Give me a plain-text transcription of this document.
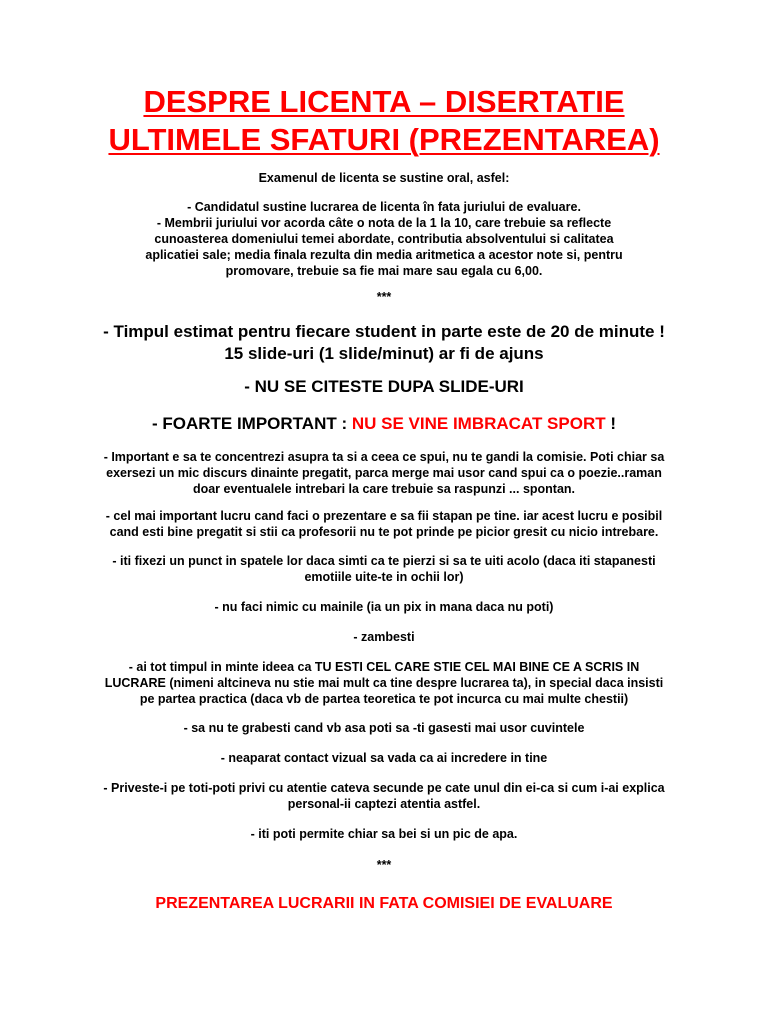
DESPRE LICENTA – DISERTATIE
ULTIMELE SFATURI (PREZENTAREA)

Examenul de licenta se sustine oral, asfel:

- Candidatul sustine lucrarea de licenta în fata juriului de evaluare.
- Membrii juriului vor acorda câte o nota de la 1 la 10, care trebuie sa reflecte
cunoasterea domeniului temei abordate, contributia absolventului si calitatea
aplicatiei sale; media finala rezulta din media aritmetica a acestor note si, pentru
promovare, trebuie sa fie mai mare sau egala cu 6,00.

***

- Timpul estimat pentru fiecare student in parte este de 20 de minute !
15 slide-uri (1 slide/minut) ar fi de ajuns

- NU SE CITESTE DUPA SLIDE-URI

- FOARTE IMPORTANT : NU SE VINE IMBRACAT SPORT !

- Important e sa te concentrezi asupra ta si a ceea ce spui, nu te gandi la comisie. Poti chiar sa
exersezi un mic discurs dinainte pregatit, parca merge mai usor cand spui ca o poezie..raman
doar eventualele intrebari la care trebuie sa raspunzi ... spontan.

- cel mai important lucru cand faci o prezentare e sa fii stapan pe tine. iar acest lucru e posibil
cand esti bine pregatit si stii ca profesorii nu te pot prinde pe picior gresit cu nicio intrebare.

- iti fixezi un punct in spatele lor daca simti ca te pierzi si sa te uiti acolo (daca iti stapanesti
emotiile uite-te in ochii lor)

- nu faci nimic cu mainile (ia un pix in mana daca nu poti)

- zambesti

- ai tot timpul in minte ideea ca TU ESTI CEL CARE STIE CEL MAI BINE CE A SCRIS IN
LUCRARE (nimeni altcineva nu stie mai mult ca tine despre lucrarea ta), in special daca insisti
pe partea practica (daca vb de partea teoretica te pot incurca cu mai multe chestii)

- sa nu te grabesti cand vb asa poti sa -ti gasesti mai usor cuvintele

- neaparat contact vizual sa vada ca ai incredere in tine

- Priveste-i pe toti-poti privi cu atentie cateva secunde pe cate unul din ei-ca si cum i-ai explica
personal-ii captezi atentia astfel.

- iti poti permite chiar sa bei si un pic de apa.

***

PREZENTAREA LUCRARII IN FATA COMISIEI DE EVALUARE
